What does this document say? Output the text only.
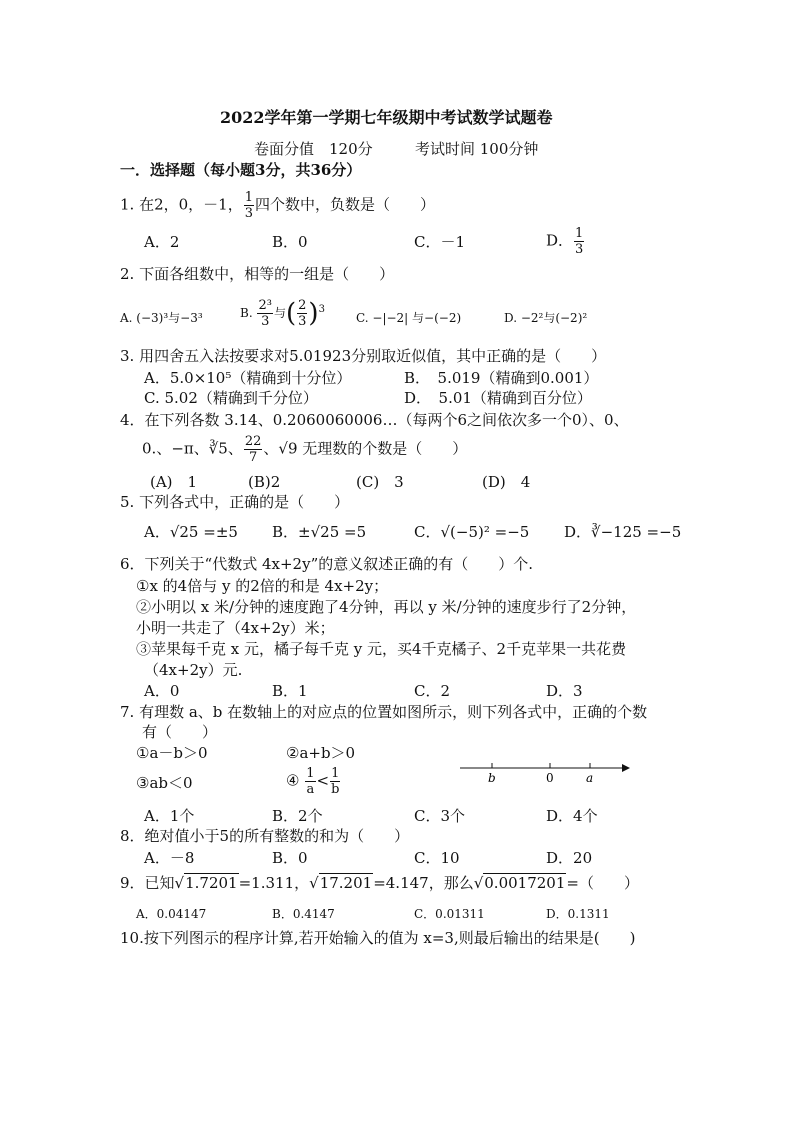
2022学年第一学期七年级期中考试数学试题卷
卷面分值　120分	考试时间 100分钟
一．选择题（每小题3分，共36分）
1. 在2，0，－1， $\frac{1}{3}$ 四个数中，负数是（　　）
A．2	B．0	C．－1	D． $\frac{1}{3}$
2. 下面各组数中，相等的一组是（　　）
A. (−3)³与−3³	B. $\frac{\text{2³}}{3}$ 与( $\frac{2}{3} )^3$
C. −|−2| 与−(−2)	D. −2²与(−2)²
3. 用四舍五入法按要求对5.01923分别取近似值，其中正确的是（　　）
A．5.0×10⁵（精确到十分位）	B．　5.019（精确到0.001）
C. 5.02（精确到千分位）	D．　5.01（精确到百分位）
4．在下列各数 3.14、0.2060060006…（每两个6之间依次多一个0）、0、
0.、−π、∛5、 $\frac{22}{7}$ 、√9 无理数的个数是（　　）
(A)　1	(B)2	(C)　3	(D)　4
5. 下列各式中，正确的是（　　）
A．√25 =±5 B．±√25 =5	C．√(−5)² =−5 D．∛−125 =−5
6．下列关于“代数式 4x+2y”的意义叙述正确的有（　　）个.
①x 的4倍与 y 的2倍的和是 4x+2y；
②小明以 x 米/分钟的速度跑了4分钟，再以 y 米/分钟的速度步行了2分钟，
小明一共走了（4x+2y）米；
③苹果每千克 x 元，橘子每千克 y 元，买4千克橘子、2千克苹果一共花费
（4x+2y）元.
A．0	B．1	C．2	D．3
7. 有理数 a、b 在数轴上的对应点的位置如图所示，则下列各式中，正确的个数
有（　　）
①a－b＞0	②a+b＞0
③ab＜0	④ $\frac{1}{a} < \frac{1}{b}$	b	0	a
A．1个	B．2个	C．3个	D．4个
8．绝对值小于5的所有整数的和为（　　）
A．－8	B．0	C．10	D．20
9．已知√1.7201=1.311，√17.201=4.147，那么√0.0017201=（　　）
A．0.04147	B．0.4147	C．0.01311	D．0.1311
10.按下列图示的程序计算,若开始输入的值为 x=3,则最后输出的结果是(　　)
